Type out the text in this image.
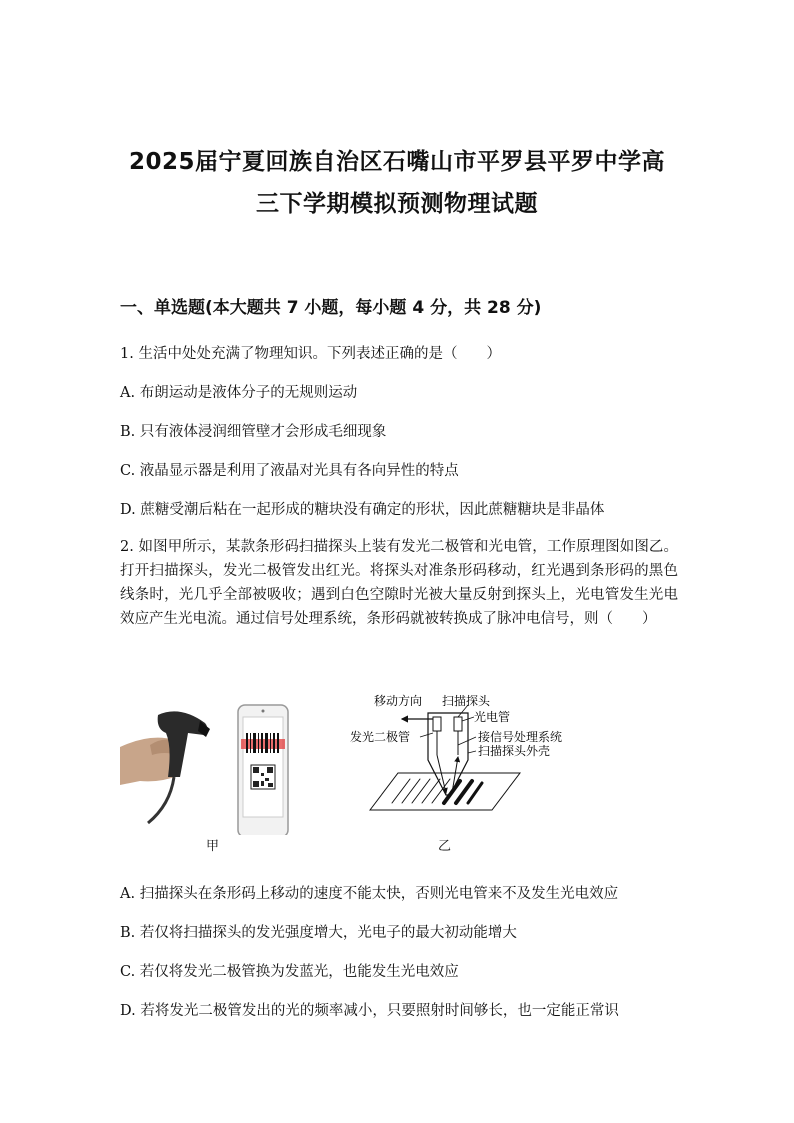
2025届宁夏回族自治区石嘴山市平罗县平罗中学高
三下学期模拟预测物理试题
一、单选题(本大题共 7 小题，每小题 4 分，共 28 分)
1. 生活中处处充满了物理知识。下列表述正确的是（　　）
A. 布朗运动是液体分子的无规则运动
B. 只有液体浸润细管壁才会形成毛细现象
C. 液晶显示器是利用了液晶对光具有各向异性的特点
D. 蔗糖受潮后粘在一起形成的糖块没有确定的形状，因此蔗糖糖块是非晶体
2. 如图甲所示，某款条形码扫描探头上装有发光二极管和光电管，工作原理图如图乙。打开扫描探头，发光二极管发出红光。将探头对准条形码移动，红光遇到条形码的黑色线条时，光几乎全部被吸收；遇到白色空隙时光被大量反射到探头上，光电管发生光电效应产生光电流。通过信号处理系统，条形码就被转换成了脉冲电信号，则（　　）
移动方向 扫描探头
光电管
发光二极管	接信号处理系统
扫描探头外壳
甲	乙
A. 扫描探头在条形码上移动的速度不能太快，否则光电管来不及发生光电效应
B. 若仅将扫描探头的发光强度增大，光电子的最大初动能增大
C. 若仅将发光二极管换为发蓝光，也能发生光电效应
D. 若将发光二极管发出的光的频率减小，只要照射时间够长，也一定能正常识
